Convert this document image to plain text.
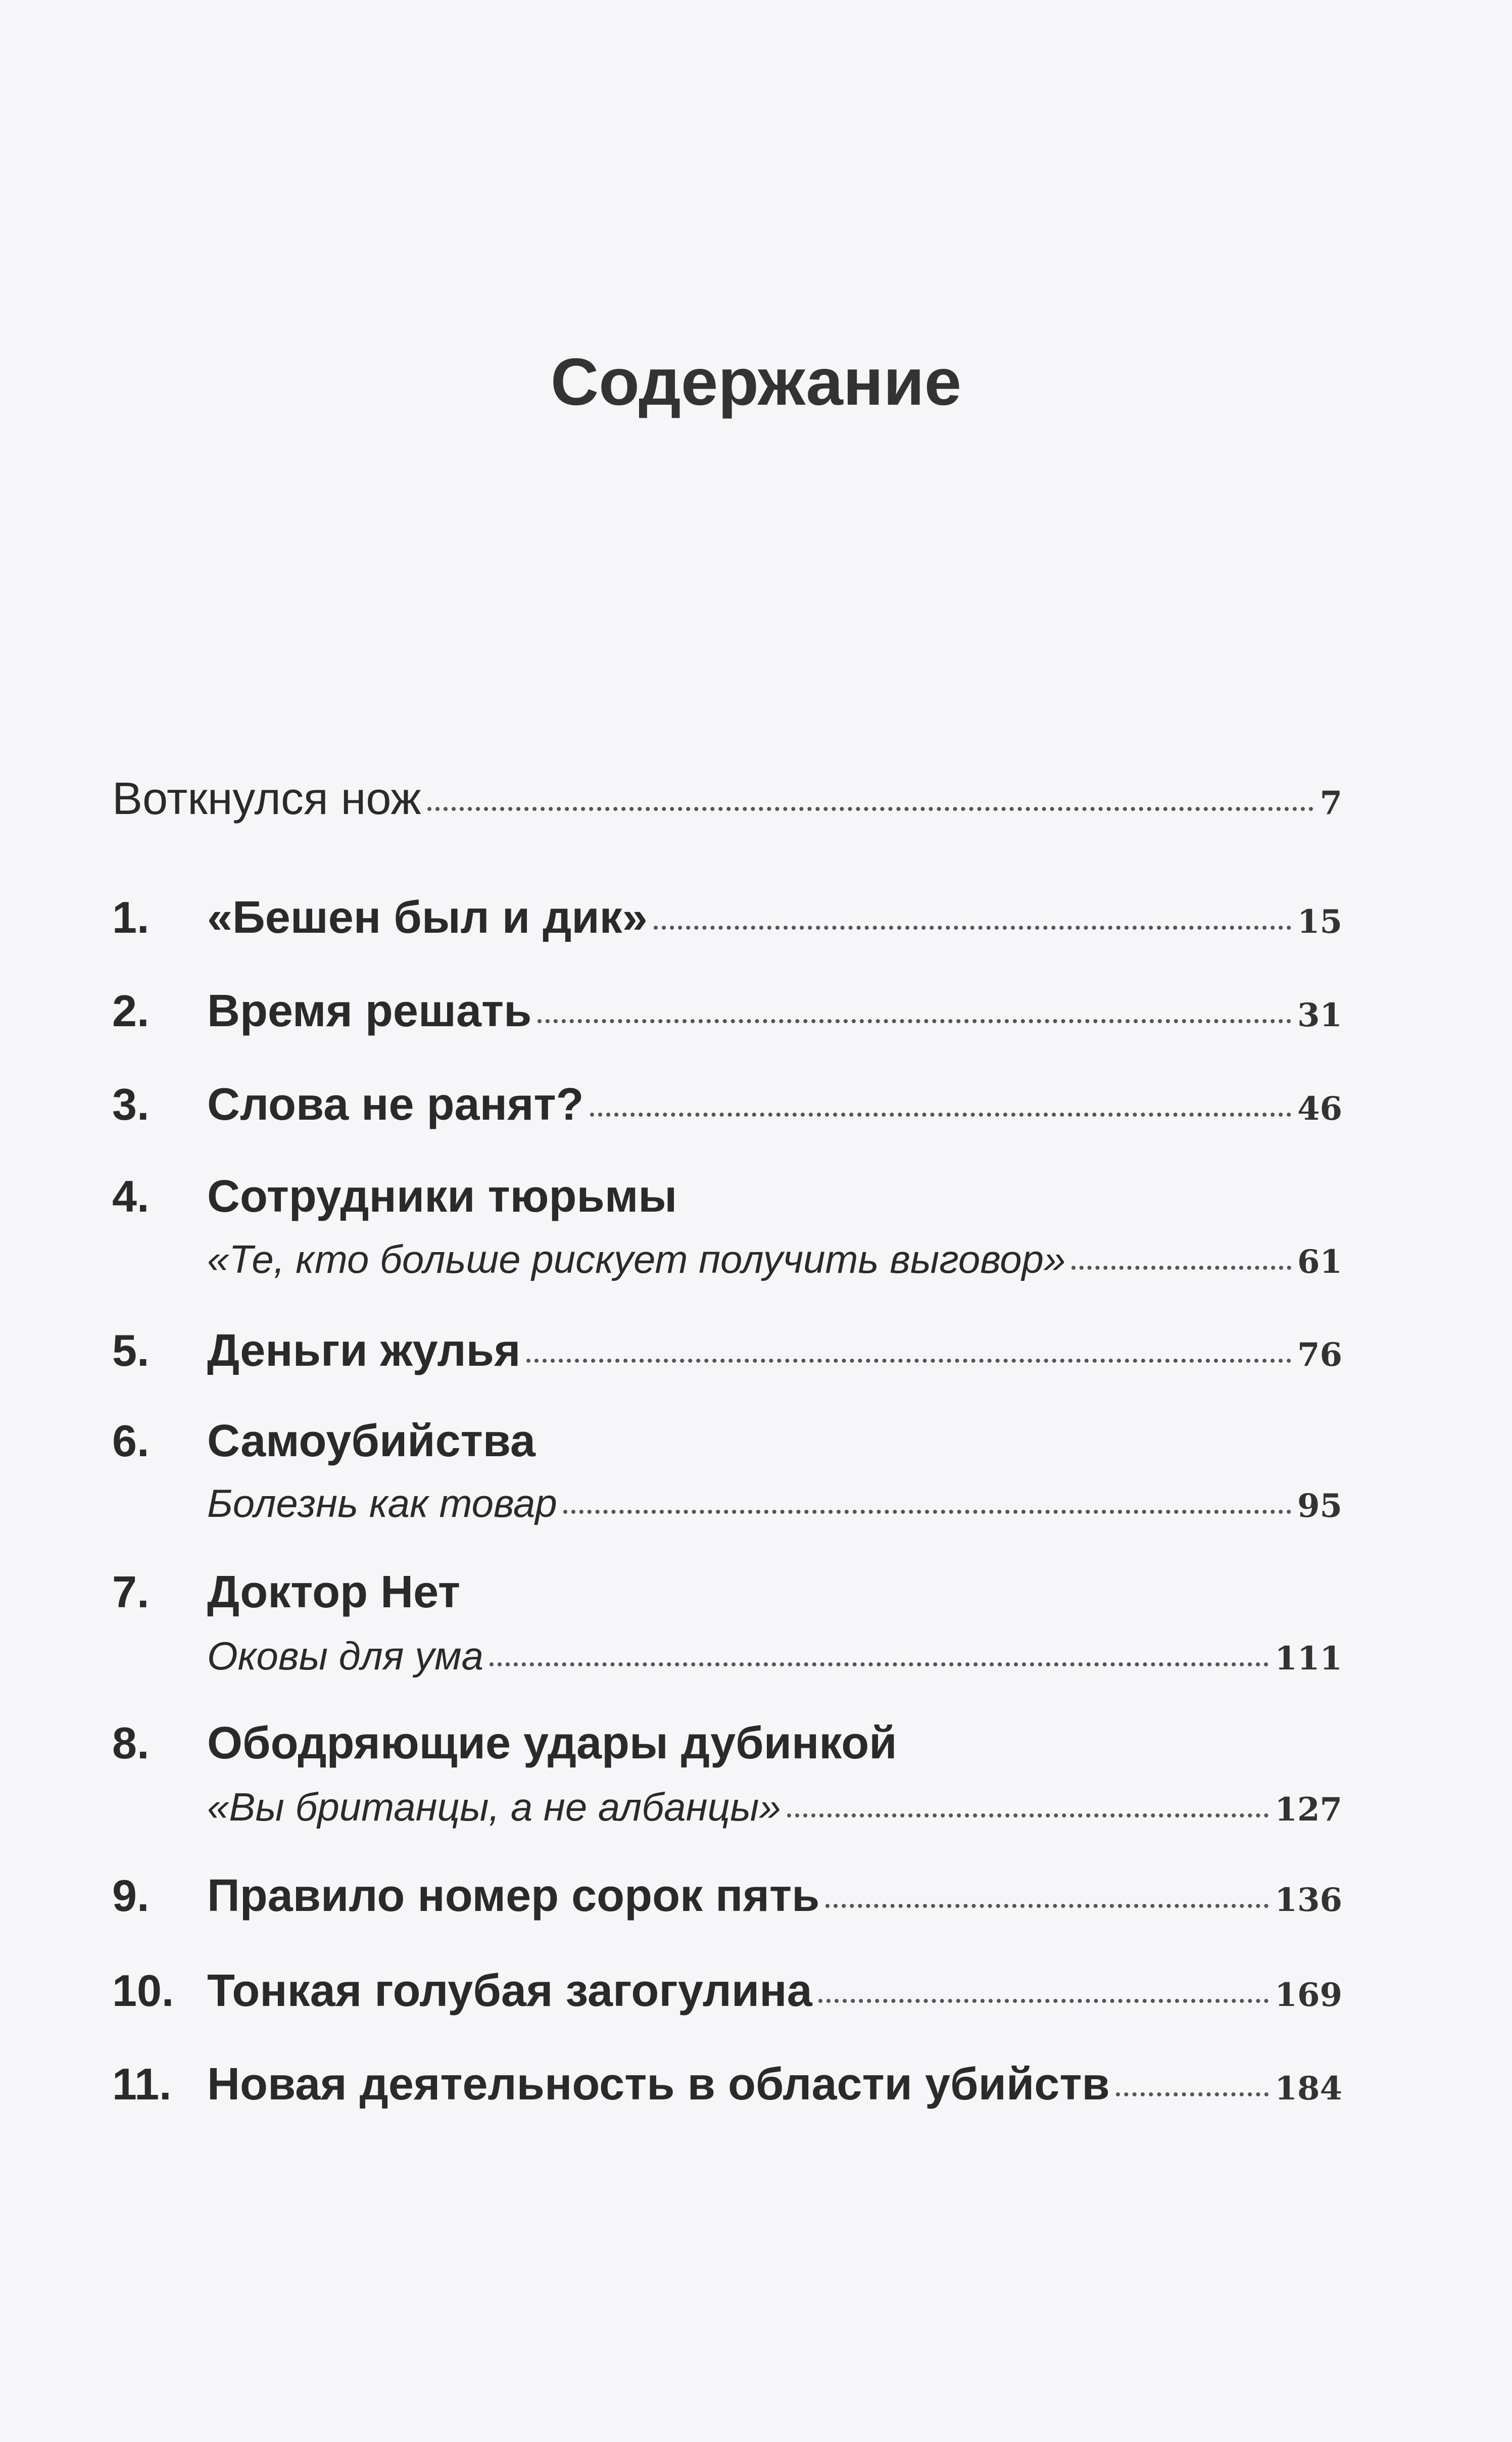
Содержание
Воткнулся нож	7
1.	«Бешен был и дик»	15
2.	Время решать	31
3.	Слова не ранят?	46
4.	Сотрудники тюрьмы
«Те, кто больше рискует получить выговор»	61
5.	Деньги жулья	76
6.	Самоубийства
Болезнь как товар	95
7.	Доктор Нет
Оковы для ума	111
8.	Ободряющие удары дубинкой
«Вы британцы, а не албанцы»	127
9.	Правило номер сорок пять	136
10. Тонкая голубая загогулина	169
11. Новая деятельность в области убийств	184
